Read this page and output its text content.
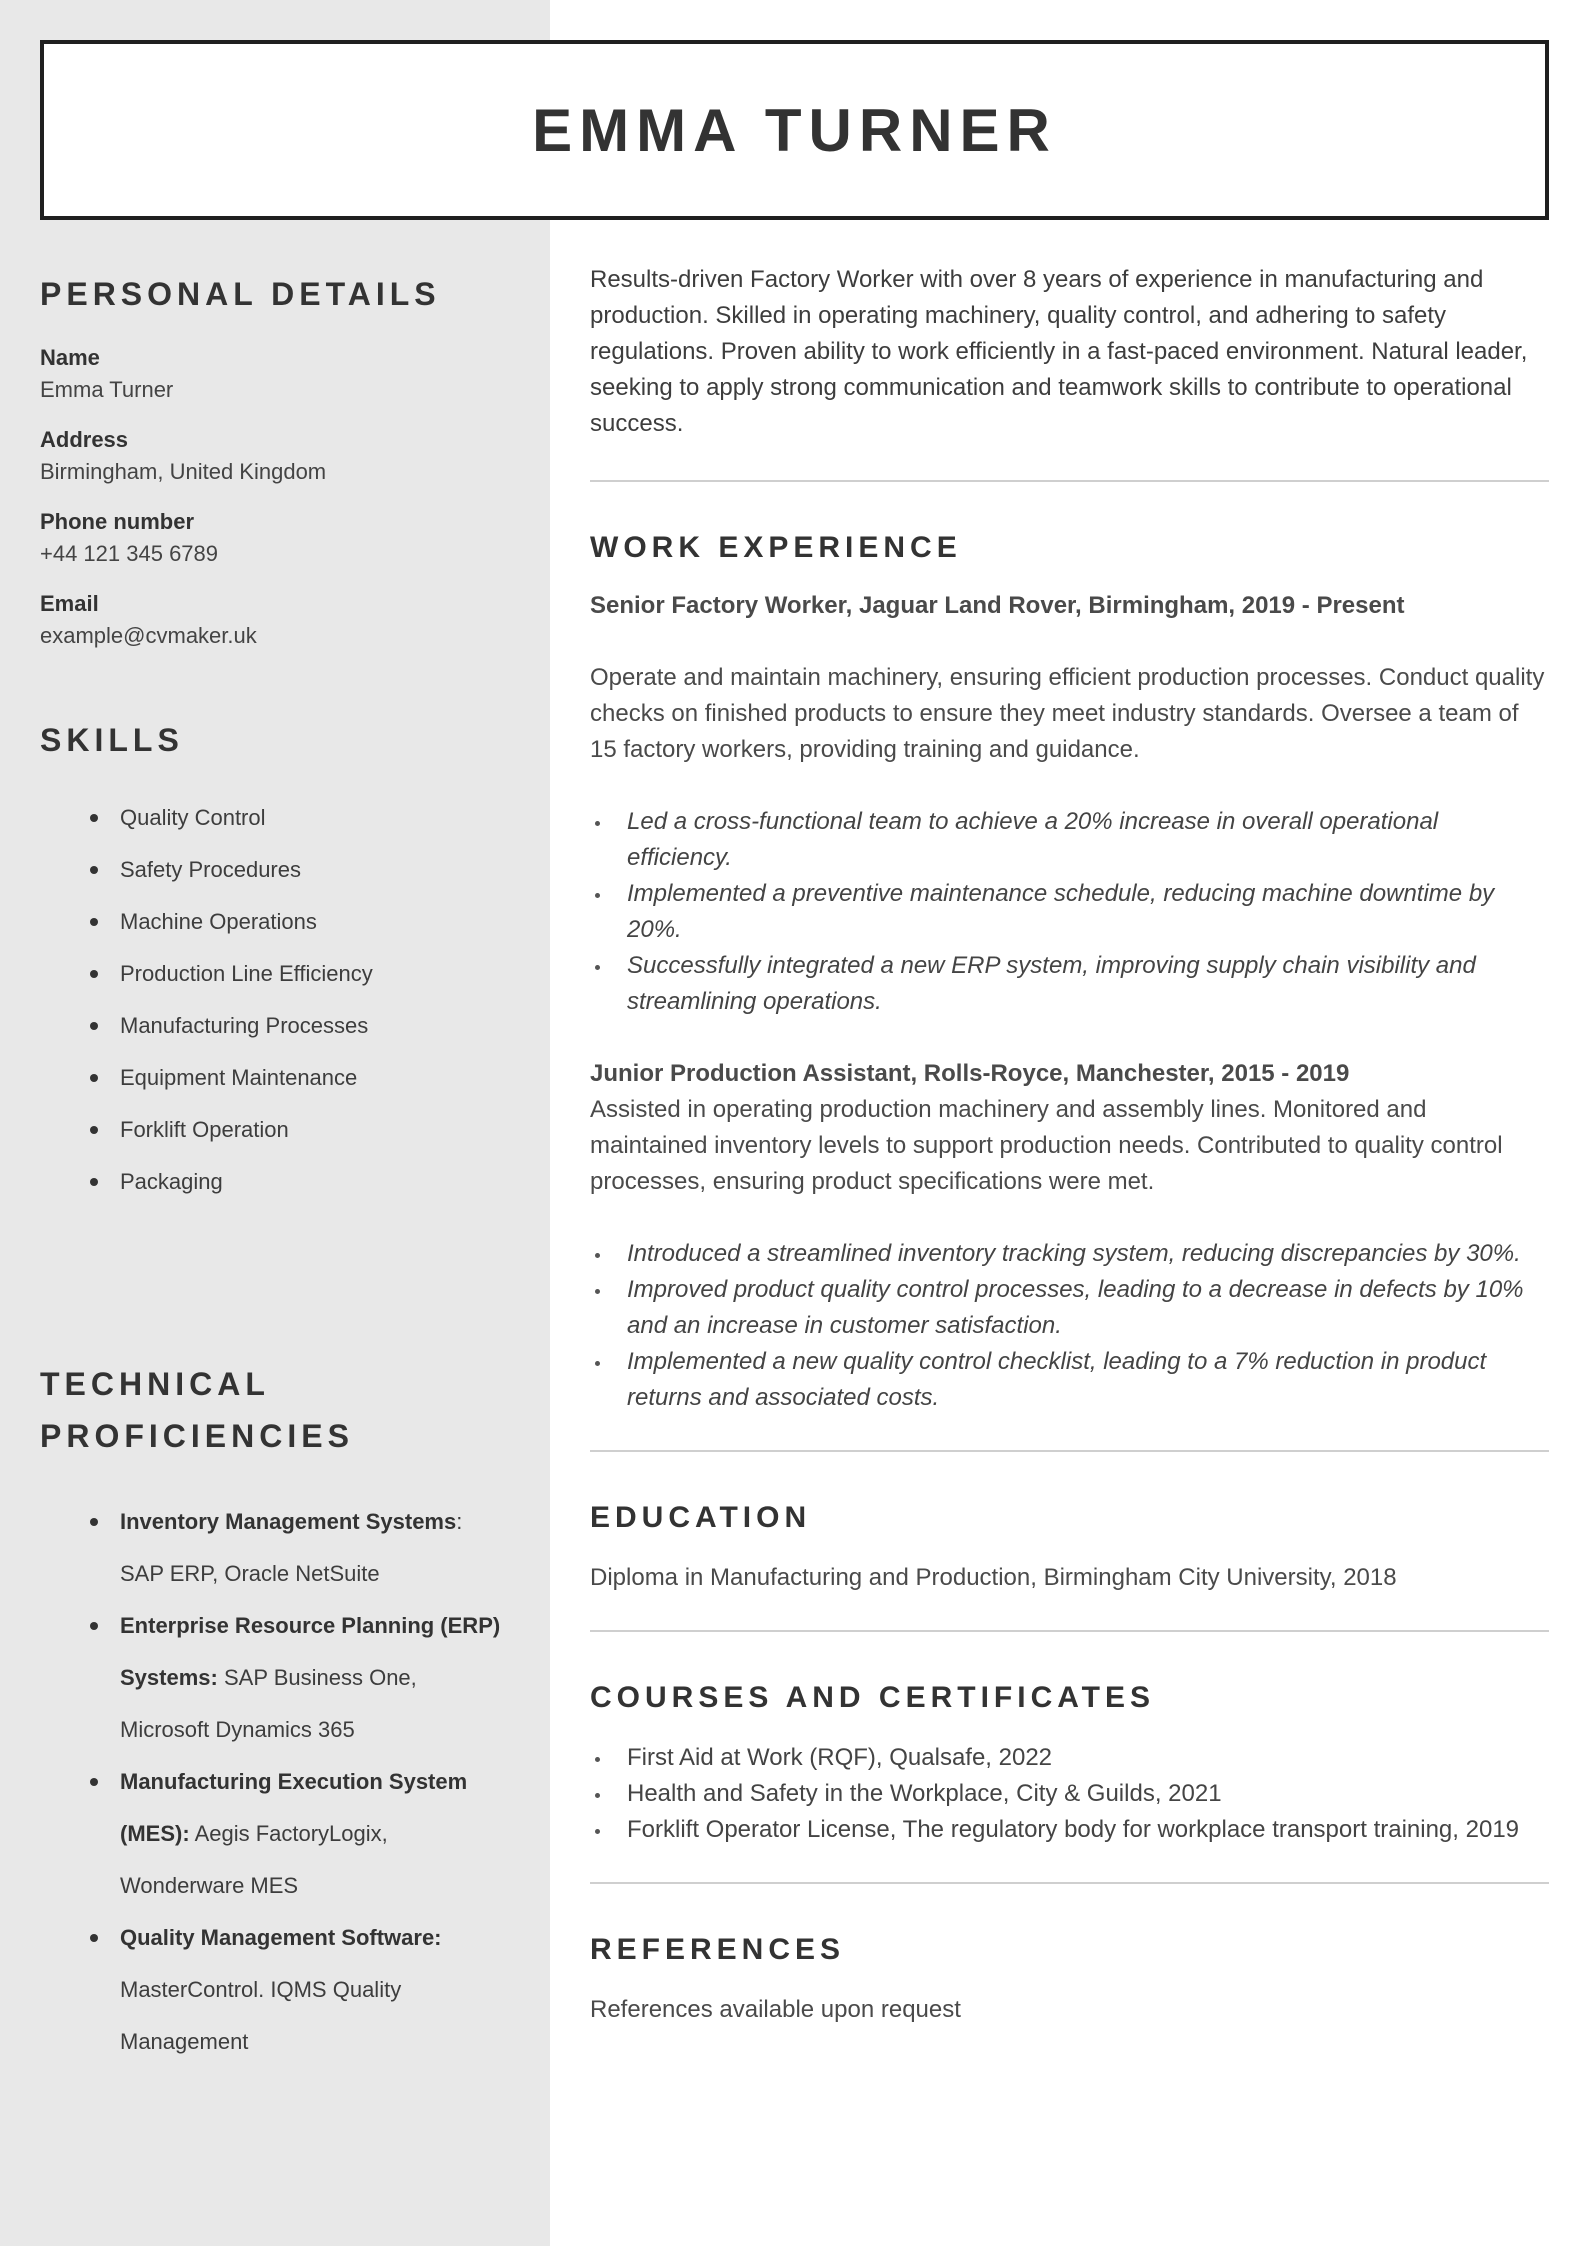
EMMA TURNER
PERSONAL DETAILS
Name
Emma Turner
Address
Birmingham, United Kingdom
Phone number
+44 121 345 6789
Email
example@cvmaker.uk
SKILLS
Quality Control
Safety Procedures
Machine Operations
Production Line Efficiency
Manufacturing Processes
Equipment Maintenance
Forklift Operation
Packaging
TECHNICAL
PROFICIENCIES
Inventory Management Systems:
SAP ERP, Oracle NetSuite
Enterprise Resource Planning (ERP) Systems: SAP Business One, Microsoft Dynamics 365
Manufacturing Execution System (MES): Aegis FactoryLogix, Wonderware MES
Quality Management Software:
MasterControl. IQMS Quality Management

Results-driven Factory Worker with over 8 years of experience in manufacturing and production. Skilled in operating machinery, quality control, and adhering to safety regulations. Proven ability to work efficiently in a fast-paced environment. Natural leader, seeking to apply strong communication and teamwork skills to contribute to operational success.

WORK EXPERIENCE
Senior Factory Worker, Jaguar Land Rover, Birmingham, 2019 - Present

Operate and maintain machinery, ensuring efficient production processes. Conduct quality checks on finished products to ensure they meet industry standards. Oversee a team of 15 factory workers, providing training and guidance.

Led a cross-functional team to achieve a 20% increase in overall operational efficiency.
Implemented a preventive maintenance schedule, reducing machine downtime by 20%.
Successfully integrated a new ERP system, improving supply chain visibility and streamlining operations.
Junior Production Assistant, Rolls-Royce, Manchester, 2015 - 2019

Assisted in operating production machinery and assembly lines. Monitored and maintained inventory levels to support production needs. Contributed to quality control processes, ensuring product specifications were met.

Introduced a streamlined inventory tracking system, reducing discrepancies by 30%.
Improved product quality control processes, leading to a decrease in defects by 10% and an increase in customer satisfaction.
Implemented a new quality control checklist, leading to a 7% reduction in product returns and associated costs.
EDUCATION

Diploma in Manufacturing and Production, Birmingham City University, 2018

COURSES AND CERTIFICATES
First Aid at Work (RQF), Qualsafe, 2022
Health and Safety in the Workplace, City & Guilds, 2021
Forklift Operator License, The regulatory body for workplace transport training, 2019
REFERENCES

References available upon request
